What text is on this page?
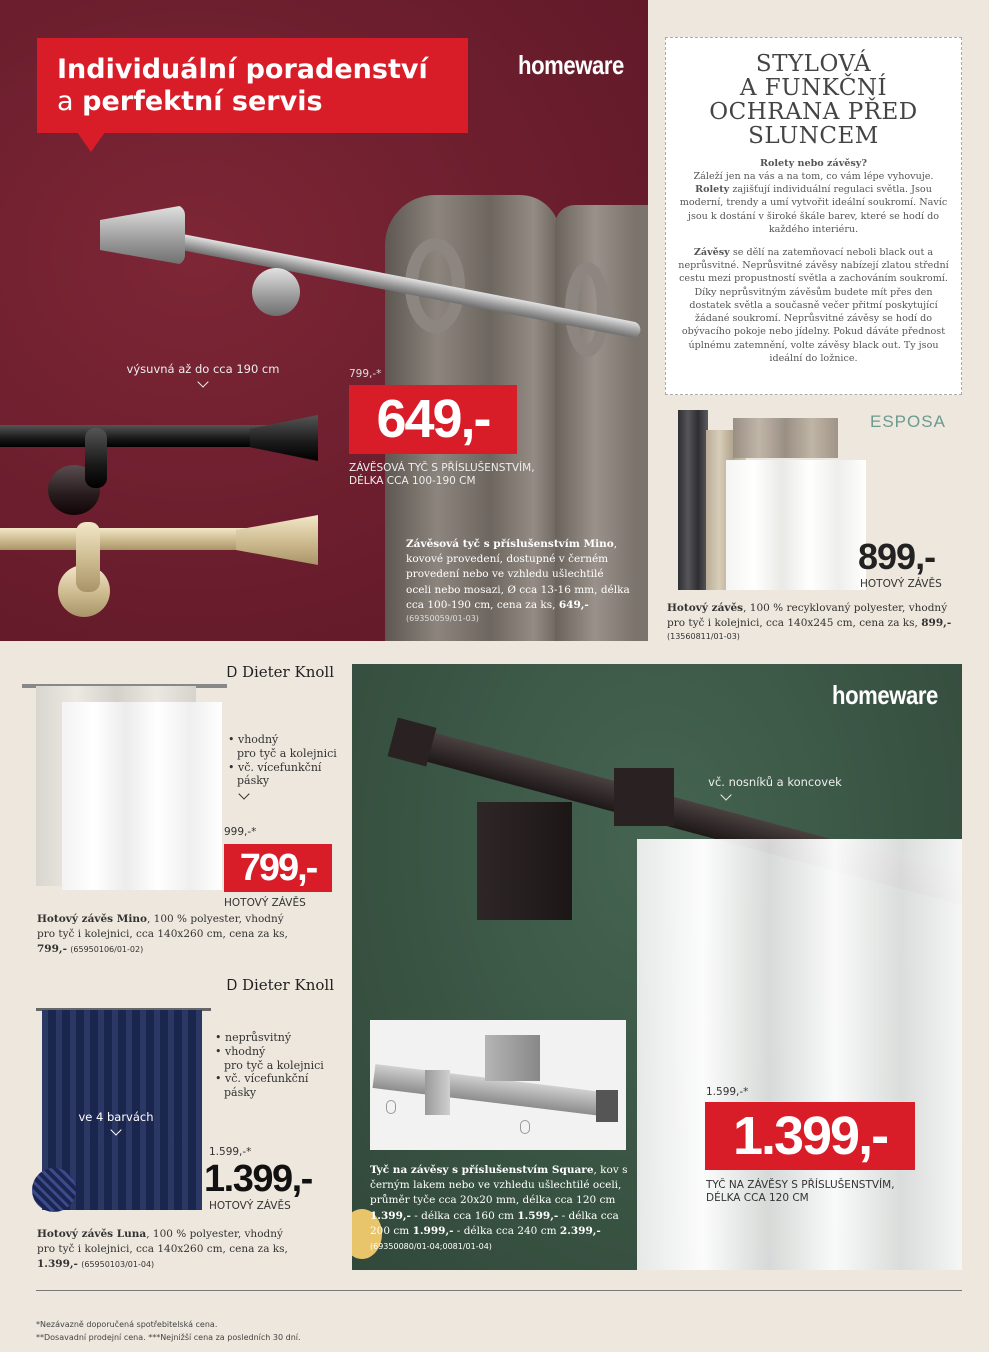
výsuvná až do cca 190 cm
Individuální poradenství
a perfektní servis
homeware
799,-*
649,-
ZÁVĚSOVÁ TYČ S PŘÍSLUŠENSTVÍM,
DÉLKA CCA 100-190 CM
Závěsová tyč s příslušenstvím Mino, kovové provedení, dostupné v černém provedení nebo ve vzhledu ušlechtilé oceli nebo mosazi, Ø cca 13-16 mm, délka cca 100-190 cm, cena za ks, 649,-
(69350059/01-03)
STYLOVÁ
A FUNKČNÍ
OCHRANA PŘED
SLUNCEM
Rolety nebo závěsy?
Záleží jen na vás a na tom, co vám lépe vyhovuje. Rolety zajišťují individuální regulaci světla. Jsou moderní, trendy a umí vytvořit ideální soukromí. Navíc jsou k dostání v široké škále barev, které se hodí do každého interiéru.
Závěsy se dělí na zatemňovací neboli black out a neprůsvitné. Neprůsvitné závěsy nabízejí zlatou střední cestu mezi propustností světla a zachováním soukromí. Díky neprůsvitným závěsům budete mít přes den dostatek světla a současně večer přitmí poskytující žádané soukromí. Neprůsvitné závěsy se hodí do obývacího pokoje nebo jídelny. Pokud dáváte přednost úplnému zatemnění, volte závěsy black out. Ty jsou ideální do ložnice.
ESPOSA
899,-
HOTOVÝ ZÁVĚS
Hotový závěs, 100 % recyklovaný polyester, vhodný pro tyč i kolejnici, cca 140x245 cm, cena za ks, 899,-
(13560811/01-03)
Ꭰ Dieter Knoll
• vhodný
pro tyč a kolejnici
• vč. vícefunkční
pásky
999,-*
799,-
HOTOVÝ ZÁVĚS
Hotový závěs Mino, 100 % polyester, vhodný pro tyč i kolejnici, cca 140x260 cm, cena za ks, 799,- (65950106/01-02)
Ꭰ Dieter Knoll
ve 4 barvách
• neprůsvitný
• vhodný
pro tyč a kolejnici
• vč. vícefunkční
pásky
1.599,-*
1.399,-
HOTOVÝ ZÁVĚS
Hotový závěs Luna, 100 % polyester, vhodný pro tyč i kolejnici, cca 140x260 cm, cena za ks, 1.399,- (65950103/01-04)
homeware
vč. nosníků a koncovek
Tyč na závěsy s příslušenstvím Square, kov s černým lakem nebo ve vzhledu ušlechtilé oceli, průměr tyče cca 20x20 mm, délka cca 120 cm 1.399,- - délka cca 160 cm 1.599,- - délka cca 200 cm 1.999,- - délka cca 240 cm 2.399,- (69350080/01-04;0081/01-04)
1.599,-*
1.399,-
TYČ NA ZÁVĚSY S PŘÍSLUŠENSTVÍM,
DÉLKA CCA 120 CM
*Nezávazně doporučená spotřebitelská cena.
**Dosavadní prodejní cena. ***Nejnižší cena za posledních 30 dní.
